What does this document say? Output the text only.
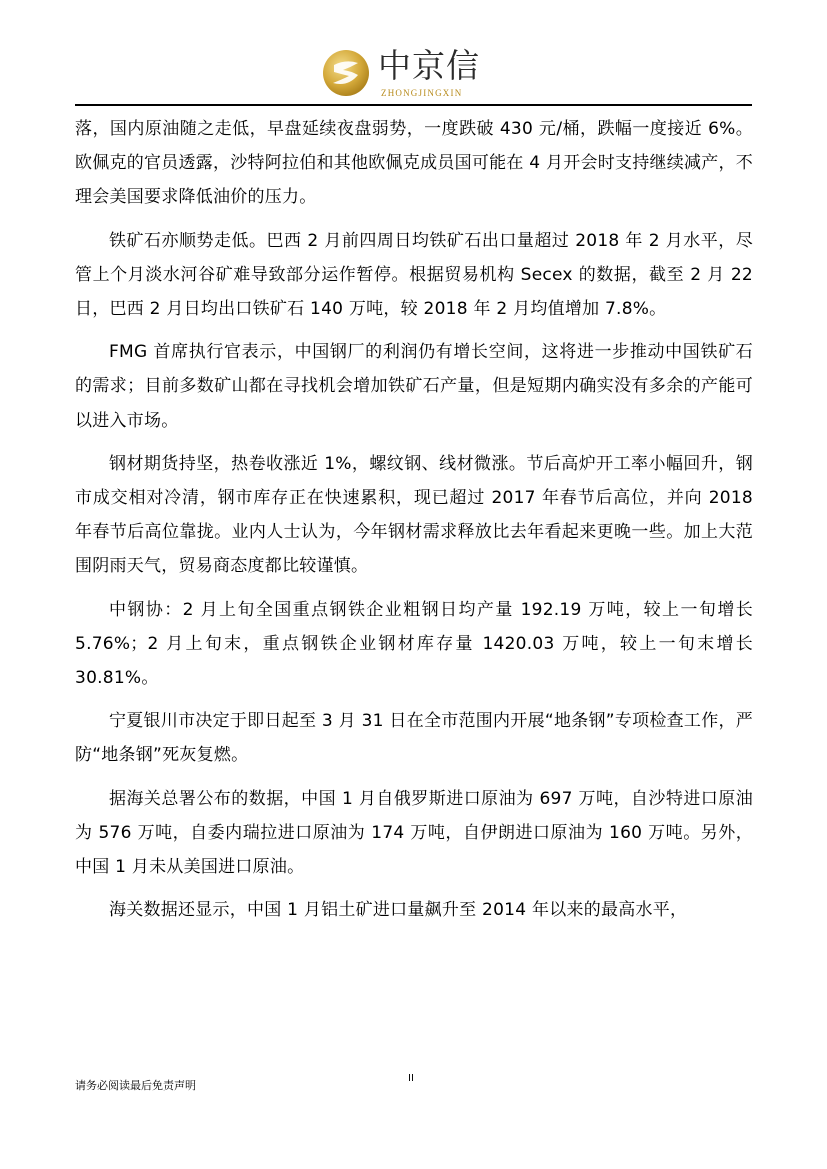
中京信
ZHONGJINGXIN

落，国内原油随之走低，早盘延续夜盘弱势，一度跌破 430 元/桶，跌幅一度接近 6%。欧佩克的官员透露，沙特阿拉伯和其他欧佩克成员国可能在 4 月开会时支持继续减产，不理会美国要求降低油价的压力。

铁矿石亦顺势走低。巴西 2 月前四周日均铁矿石出口量超过 2018 年 2 月水平，尽管上个月淡水河谷矿难导致部分运作暂停。根据贸易机构 Secex 的数据，截至 2 月 22 日，巴西 2 月日均出口铁矿石 140 万吨，较 2018 年 2 月均值增加 7.8%。

FMG 首席执行官表示，中国钢厂的利润仍有增长空间，这将进一步推动中国铁矿石的需求；目前多数矿山都在寻找机会增加铁矿石产量，但是短期内确实没有多余的产能可以进入市场。

钢材期货持坚，热卷收涨近 1%，螺纹钢、线材微涨。节后高炉开工率小幅回升，钢市成交相对冷清，钢市库存正在快速累积，现已超过 2017 年春节后高位，并向 2018 年春节后高位靠拢。业内人士认为，今年钢材需求释放比去年看起来更晚一些。加上大范围阴雨天气，贸易商态度都比较谨慎。

中钢协：2 月上旬全国重点钢铁企业粗钢日均产量 192.19 万吨，较上一旬增长 5.76%；2 月上旬末，重点钢铁企业钢材库存量 1420.03 万吨，较上一旬末增长 30.81%。

宁夏银川市决定于即日起至 3 月 31 日在全市范围内开展“地条钢”专项检查工作，严防“地条钢”死灰复燃。

据海关总署公布的数据，中国 1 月自俄罗斯进口原油为 697 万吨，自沙特进口原油为 576 万吨，自委内瑞拉进口原油为 174 万吨，自伊朗进口原油为 160 万吨。另外，中国 1 月未从美国进口原油。

海关数据还显示，中国 1 月铝土矿进口量飙升至 2014 年以来的最高水平，

请务必阅读最后免责声明
II
